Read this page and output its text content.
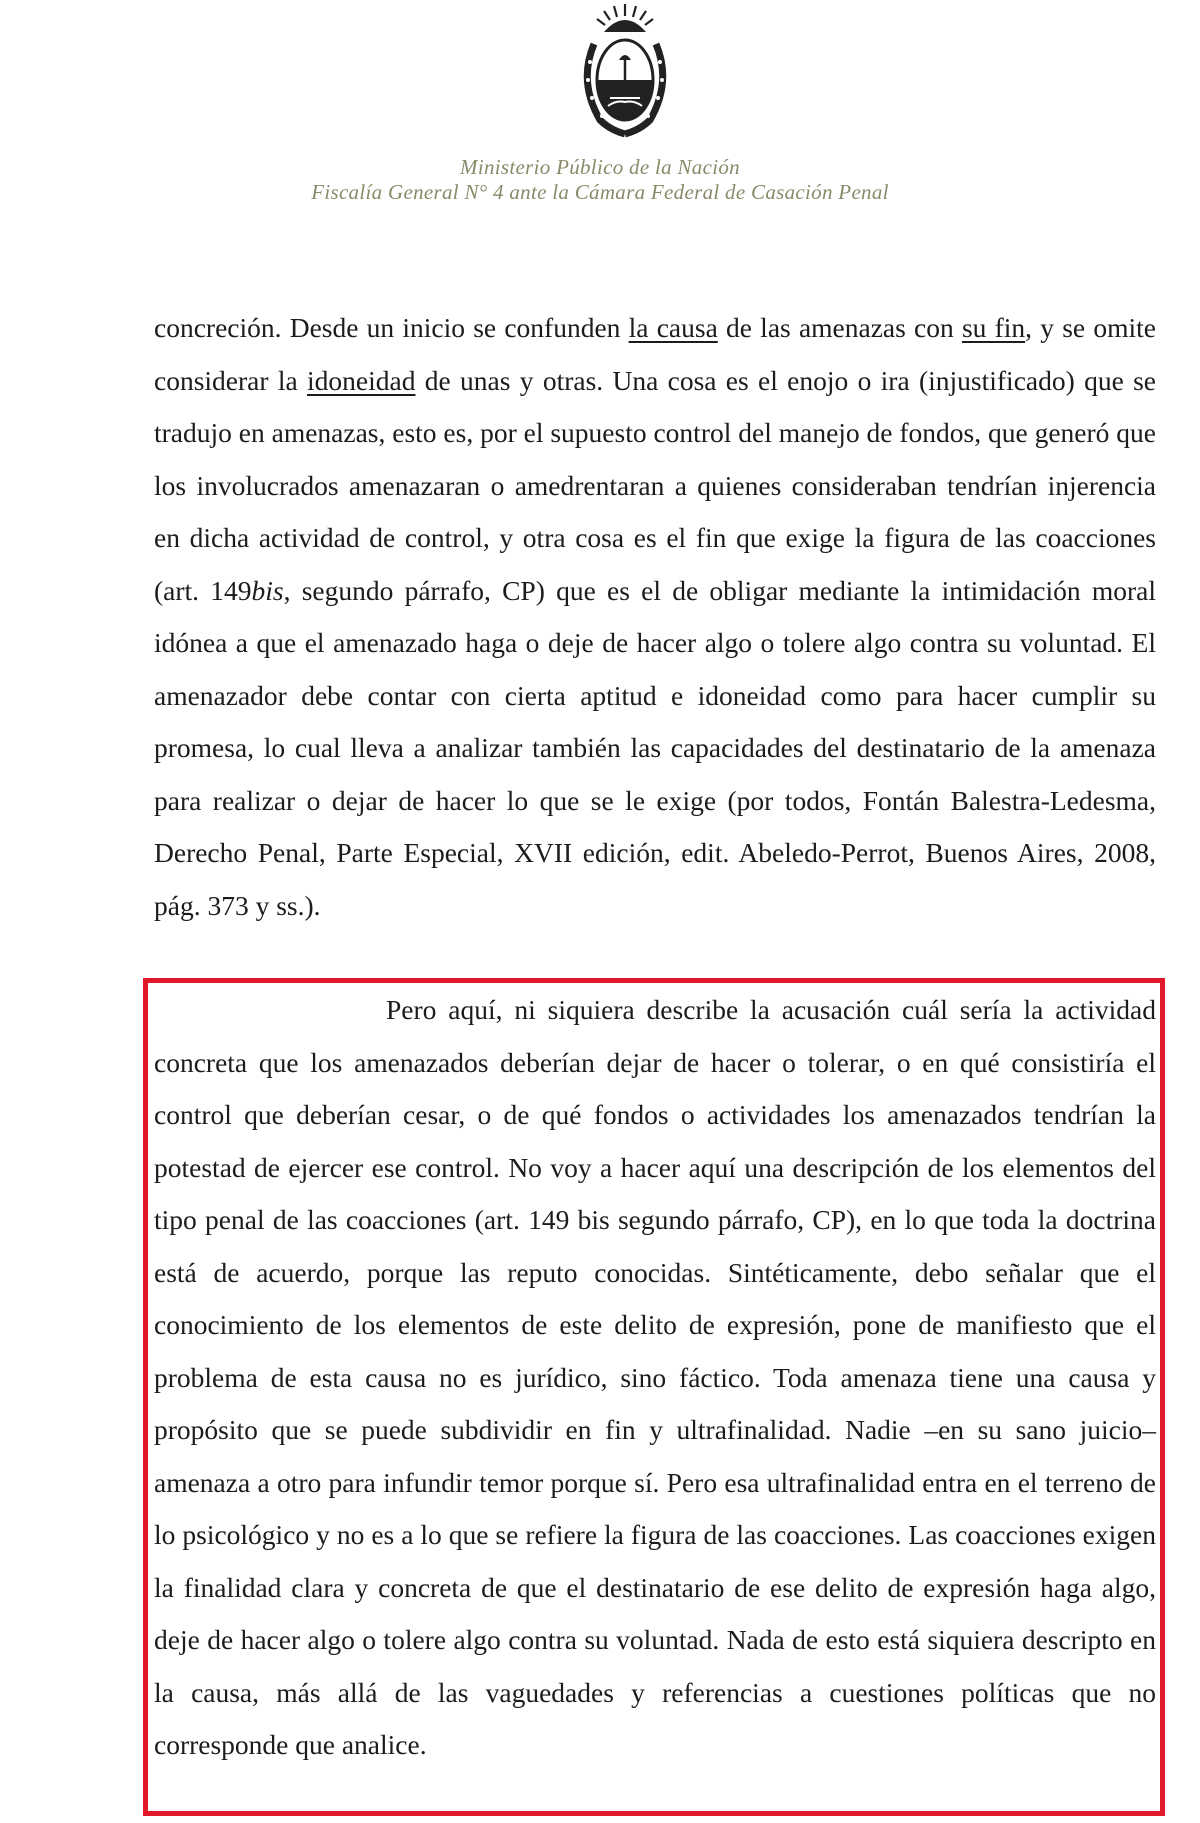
Ministerio Público de la Nación
Fiscalía General N° 4 ante la Cámara Federal de Casación Penal

concreción. Desde un inicio se confunden la causa de las amenazas con su fin, y se omite considerar la idoneidad de unas y otras. Una cosa es el enojo o ira (injustificado) que se tradujo en amenazas, esto es, por el supuesto control del manejo de fondos, que generó que los involucrados amenazaran o amedrentaran a quienes consideraban tendrían injerencia en dicha actividad de control, y otra cosa es el fin que exige la figura de las coacciones (art. 149bis, segundo párrafo, CP) que es el de obligar mediante la intimidación moral idónea a que el amenazado haga o deje de hacer algo o tolere algo contra su voluntad. El amenazador debe contar con cierta aptitud e idoneidad como para hacer cumplir su promesa, lo cual lleva a analizar también las capacidades del destinatario de la amenaza para realizar o dejar de hacer lo que se le exige (por todos, Fontán Balestra-Ledesma, Derecho Penal, Parte Especial, XVII edición, edit. Abeledo-Perrot, Buenos Aires, 2008, pág. 373 y ss.).

Pero aquí, ni siquiera describe la acusación cuál sería la actividad concreta que los amenazados deberían dejar de hacer o tolerar, o en qué consistiría el control que deberían cesar, o de qué fondos o actividades los amenazados tendrían la potestad de ejercer ese control. No voy a hacer aquí una descripción de los elementos del tipo penal de las coacciones (art. 149 bis segundo párrafo, CP), en lo que toda la doctrina está de acuerdo, porque las reputo conocidas. Sintéticamente, debo señalar que el conocimiento de los elementos de este delito de expresión, pone de manifiesto que el problema de esta causa no es jurídico, sino fáctico. Toda amenaza tiene una causa y propósito que se puede subdividir en fin y ultrafinalidad. Nadie –en su sano juicio– amenaza a otro para infundir temor porque sí. Pero esa ultrafinalidad entra en el terreno de lo psicológico y no es a lo que se refiere la figura de las coacciones. Las coacciones exigen la finalidad clara y concreta de que el destinatario de ese delito de expresión haga algo, deje de hacer algo o tolere algo contra su voluntad. Nada de esto está siquiera descripto en la causa, más allá de las vaguedades y referencias a cuestiones políticas que no corresponde que analice.
